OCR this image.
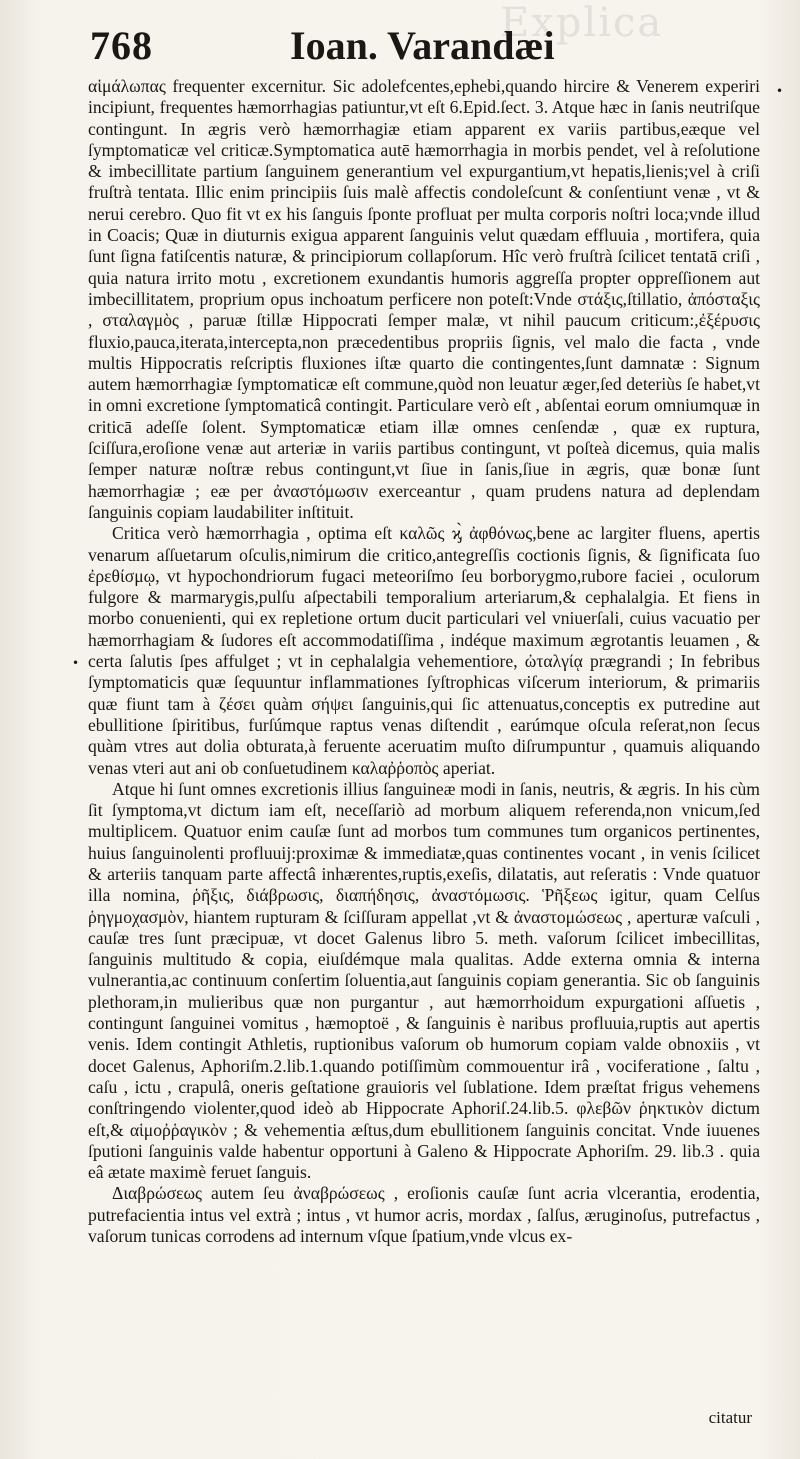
Explica
768	Ioan. Varandæi
•
•

αἱμάλωπας frequenter excernitur. Sic adolefcentes,ephebi,quando hircire & Venerem experiri incipiunt, frequentes hæmorrhagias patiuntur,vt eſt 6.Epid.ſect. 3. Atque hæc in ſanis neutriſque contingunt. In ægris verò hæmorrhagiæ etiam apparent ex variis partibus,eæque vel ſymptomaticæ vel criticæ.Symptomatica autē hæmorrhagia in morbis pendet, vel à reſolutione & imbecillitate partium ſanguinem generantium vel expurgantium,vt hepatis,lienis;vel à criſi fruſtrà tentata. Illic enim principiis ſuis malè affectis condoleſcunt & conſentiunt venæ , vt & nerui cerebro. Quo fit vt ex his ſanguis ſponte profluat per multa corporis noſtri loca;vnde illud in Coacis; Quæ in diuturnis exigua apparent ſanguinis velut quædam effluuia , mortifera, quia ſunt ſigna fatiſcentis naturæ, & principiorum collapſorum. Hîc verò fruſtrà ſcilicet tentatā criſi , quia natura irrito motu , excretionem exundantis humoris aggreſſa propter oppreſſionem aut imbecillitatem, proprium opus inchoatum perficere non poteſt:Vnde στάξις,ſtillatio, ἀπόσταξις , σταλαγμὸς , paruæ ſtillæ Hippocrati ſemper malæ, vt nihil paucum criticum:,ἐξέρυσις fluxio,pauca,iterata,intercepta,non præcedentibus propriis ſignis, vel malo die facta , vnde multis Hippocratis reſcriptis fluxiones iſtæ quarto die contingentes,ſunt damnatæ : Signum autem hæmorrhagiæ ſymptomaticæ eſt commune,quòd non leuatur æger,ſed deteriùs ſe habet,vt in omni excretione ſymptomaticâ contingit. Particulare verò eſt , abſentai eorum omniumquæ in criticā adeſſe ſolent. Symptomaticæ etiam illæ omnes cenſendæ , quæ ex ruptura, ſciſſura,eroſione venæ aut arteriæ in variis partibus contingunt, vt poſteà dicemus, quia malis ſemper naturæ noſtræ rebus contingunt,vt ſiue in ſanis,ſiue in ægris, quæ bonæ ſunt hæmorrhagiæ ; eæ per ἀναστόμωσιν exerceantur , quam prudens natura ad deplendam ſanguinis copiam laudabiliter inſtituit.

Critica verò hæmorrhagia , optima eſt καλῶς ϗ̀ ἀφθόνως,bene ac largiter fluens, apertis venarum aſſuetarum oſculis,nimirum die critico,antegreſſis coctionis ſignis, & ſignificata ſuo ἐρεθίσμῳ, vt hypochondriorum fugaci meteoriſmo ſeu borborygmo,rubore faciei , oculorum fulgore & marmarygis,pulſu aſpectabili temporalium arteriarum,& cephalalgia. Et fiens in morbo conuenienti, qui ex repletione ortum ducit particulari vel vniuerſali, cuius vacuatio per hæmorrhagiam & ſudores eſt accommodatiſſima , indéque maximum ægrotantis leuamen , & certa ſalutis ſpes affulget ; vt in cephalalgia vehementiore, ὠταλγίᾳ prægrandi ; In febribus ſymptomaticis quæ ſequuntur inflammationes ſyſtrophicas viſcerum interiorum, & primariis quæ fiunt tam à ζέσει quàm σήψει ſanguinis,qui ſic attenuatus,conceptis ex putredine aut ebullitione ſpiritibus, furſúmque raptus venas diſtendit , earúmque oſcula reſerat,non ſecus quàm vtres aut dolia obturata,à feruente aceruatim muſto diſrumpuntur , quamuis aliquando venas vteri aut ani ob conſuetudinem καλαῤῥοπὸς aperiat.

Atque hi ſunt omnes excretionis illius ſanguineæ modi in ſanis, neutris, & ægris. In his cùm ſit ſymptoma,vt dictum iam eſt, neceſſariò ad morbum aliquem referenda,non vnicum,ſed multiplicem. Quatuor enim cauſæ ſunt ad morbos tum communes tum organicos pertinentes, huius ſanguinolenti profluuij:proximæ & immediatæ,quas continentes vocant , in venis ſcilicet & arteriis tanquam parte affectâ inhærentes,ruptis,exeſis, dilatatis, aut reſeratis : Vnde quatuor illa nomina, ῥῆξις, διάβρωσις, διαπήδησις, ἀναστόμωσις. Ῥῆξεως igitur, quam Celſus ῥηγμοχασμὸν, hiantem rupturam & ſciſſuram appellat ,vt & ἀναστομώσεως , aperturæ vaſculi , cauſæ tres ſunt præcipuæ, vt docet Galenus libro 5. meth. vaſorum ſcilicet imbecillitas, ſanguinis multitudo & copia, eiuſdémque mala qualitas. Adde externa omnia & interna vulnerantia,ac continuum conſertim ſoluentia,aut ſanguinis copiam generantia. Sic ob ſanguinis plethoram,in mulieribus quæ non purgantur , aut hæmorrhoidum expurgationi aſſuetis , contingunt ſanguinei vomitus , hæmoptoë , & ſanguinis è naribus profluuia,ruptis aut apertis venis. Idem contingit Athletis, ruptionibus vaſorum ob humorum copiam valde obnoxiis , vt docet Galenus, Aphoriſm.2.lib.1.quando potiſſimùm commouentur irâ , vociferatione , ſaltu , caſu , ictu , crapulâ, oneris geſtatione grauioris vel ſublatione. Idem præſtat frigus vehemens conſtringendo violenter,quod ideò ab Hippocrate Aphoriſ.24.lib.5. φλεβῶν ῥηκτικὸν dictum eſt,& αἱμοῤῥαγικὸν ; & vehementia æſtus,dum ebullitionem ſanguinis concitat. Vnde iuuenes ſputioni ſanguinis valde habentur opportuni à Galeno & Hippocrate Aphoriſm. 29. lib.3 . quia eâ ætate maximè feruet ſanguis.

Διαβρώσεως autem ſeu ἀναβρώσεως , eroſionis cauſæ ſunt acria vlcerantia, erodentia, putrefacientia intus vel extrà ; intus , vt humor acris, mordax , ſalſus, æruginoſus, putrefactus , vaſorum tunicas corrodens ad internum vſque ſpatium,vnde vlcus ex-

citatur
